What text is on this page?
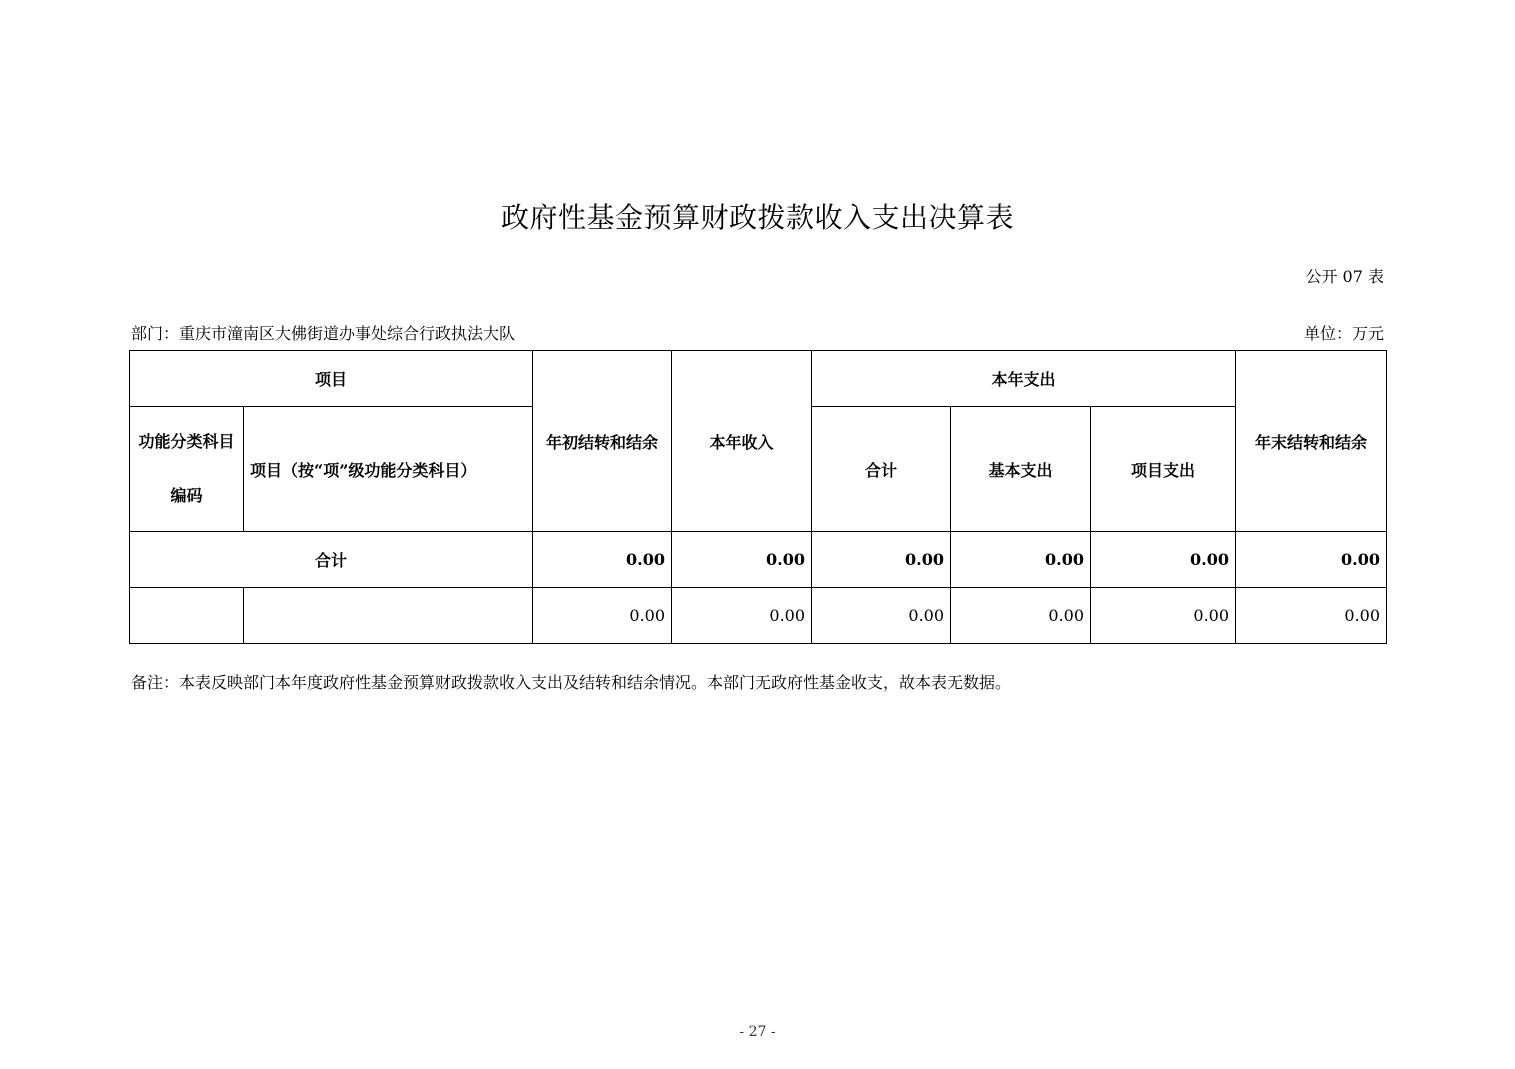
政府性基金预算财政拨款收入支出决算表
公开 07 表
部门：重庆市潼南区大佛街道办事处综合行政执法大队	单位：万元
项目		年初结转和结余	本年收入	本年支出			年末结转和结余
功能分类科目编码	项目（按“项”级功能分类科目）			合计	基本支出	项目支出	
合计		0.00	0.00	0.00	0.00	0.00	0.00
		0.00	0.00	0.00	0.00	0.00	0.00
备注：本表反映部门本年度政府性基金预算财政拨款收入支出及结转和结余情况。本部门无政府性基金收支，故本表无数据。
- 27 -
